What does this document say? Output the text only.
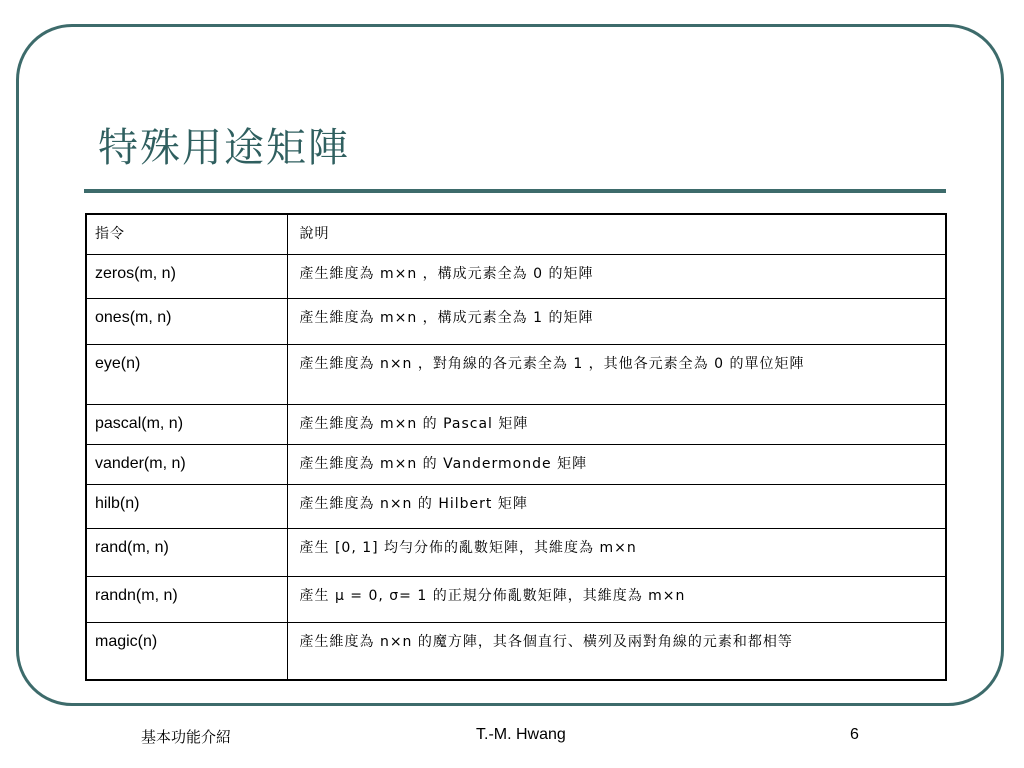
特殊用途矩陣
指令	說明
zeros(m, n)	產生維度為 m×n ，構成元素全為 0 的矩陣
ones(m, n)	產生維度為 m×n ，構成元素全為 1 的矩陣
eye(n)	產生維度為 n×n ，對角線的各元素全為 1 ，其他各元素全為 0 的單位矩陣
pascal(m, n)	產生維度為 m×n 的 Pascal 矩陣
vander(m, n)	產生維度為 m×n 的 Vandermonde 矩陣
hilb(n)	產生維度為 n×n 的 Hilbert 矩陣
rand(m, n)	產生 [0, 1] 均勻分佈的亂數矩陣，其維度為 m×n
randn(m, n)	產生 μ = 0, σ= 1 的正規分佈亂數矩陣，其維度為 m×n
magic(n)	產生維度為 n×n 的魔方陣，其各個直行、橫列及兩對角線的元素和都相等
基本功能介紹	T.-M. Hwang	6
